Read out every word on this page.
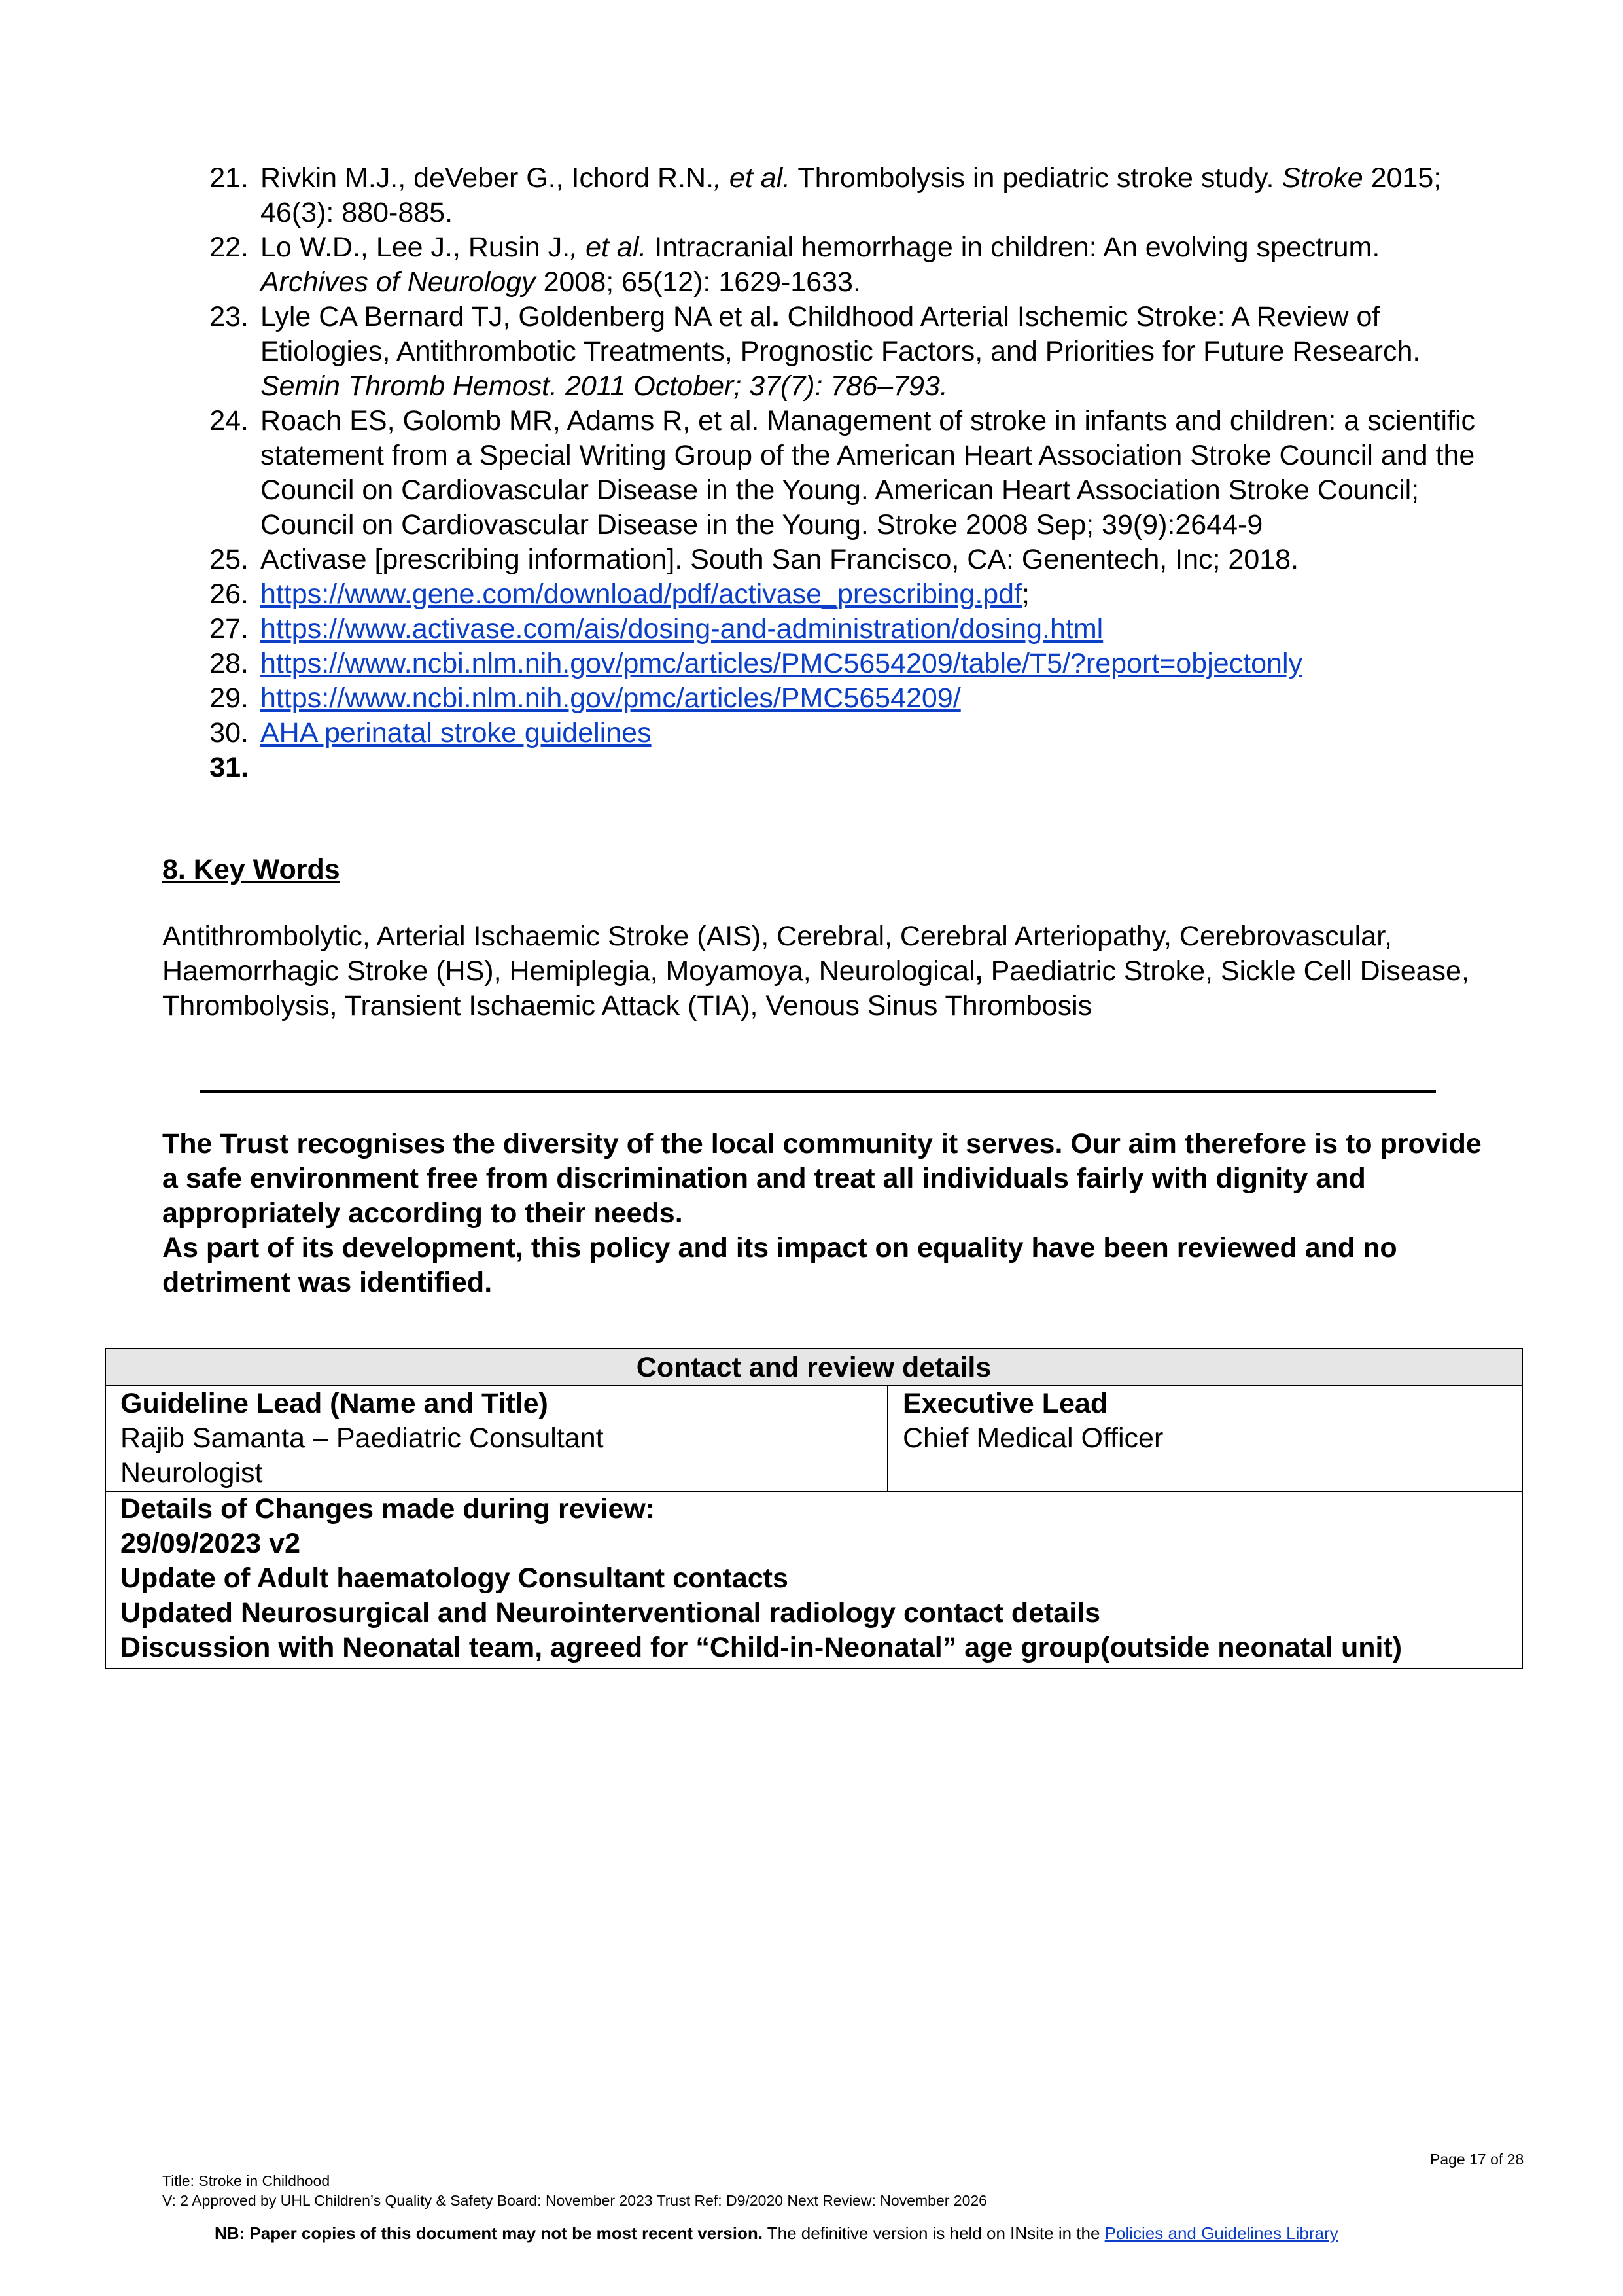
21. Rivkin M.J., deVeber G., Ichord R.N., et al. Thrombolysis in pediatric stroke study. Stroke 2015; 46(3): 880-885.
22. Lo W.D., Lee J., Rusin J., et al. Intracranial hemorrhage in children: An evolving spectrum. Archives of Neurology 2008; 65(12): 1629-1633.
23. Lyle CA Bernard TJ, Goldenberg NA et al. Childhood Arterial Ischemic Stroke: A Review of Etiologies, Antithrombotic Treatments, Prognostic Factors, and Priorities for Future Research. Semin Thromb Hemost. 2011 October; 37(7): 786–793.
24. Roach ES, Golomb MR, Adams R, et al. Management of stroke in infants and children: a scientific statement from a Special Writing Group of the American Heart Association Stroke Council and the Council on Cardiovascular Disease in the Young. American Heart Association Stroke Council; Council on Cardiovascular Disease in the Young. Stroke 2008 Sep; 39(9):2644-9
25. Activase [prescribing information]. South San Francisco, CA: Genentech, Inc; 2018.
26. https://www.gene.com/download/pdf/activase_prescribing.pdf;
27. https://www.activase.com/ais/dosing-and-administration/dosing.html
28. https://www.ncbi.nlm.nih.gov/pmc/articles/PMC5654209/table/T5/?report=objectonly
29. https://www.ncbi.nlm.nih.gov/pmc/articles/PMC5654209/
30. AHA perinatal stroke guidelines
31.
8. Key Words
Antithrombolytic, Arterial Ischaemic Stroke (AIS), Cerebral, Cerebral Arteriopathy, Cerebrovascular, Haemorrhagic Stroke (HS), Hemiplegia, Moyamoya, Neurological, Paediatric Stroke, Sickle Cell Disease, Thrombolysis, Transient Ischaemic Attack (TIA), Venous Sinus Thrombosis

The Trust recognises the diversity of the local community it serves. Our aim therefore is to provide a safe environment free from discrimination and treat all individuals fairly with dignity and appropriately according to their needs.

As part of its development, this policy and its impact on equality have been reviewed and no detriment was identified.

Contact and review details

Guideline Lead (Name and Title)
Rajib Samanta – Paediatric Consultant Neurologist

Executive Lead
Chief Medical Officer

Details of Changes made during review:
29/09/2023 v2
Update of Adult haematology Consultant contacts
Updated Neurosurgical and Neurointerventional radiology contact details
Discussion with Neonatal team, agreed for “Child-in-Neonatal” age group(outside neonatal unit)
Page 17 of 28
Title: Stroke in Childhood
V: 2 Approved by UHL Children’s Quality & Safety Board: November 2023 Trust Ref: D9/2020 Next Review: November 2026
NB: Paper copies of this document may not be most recent version. The definitive version is held on INsite in the Policies and Guidelines Library
